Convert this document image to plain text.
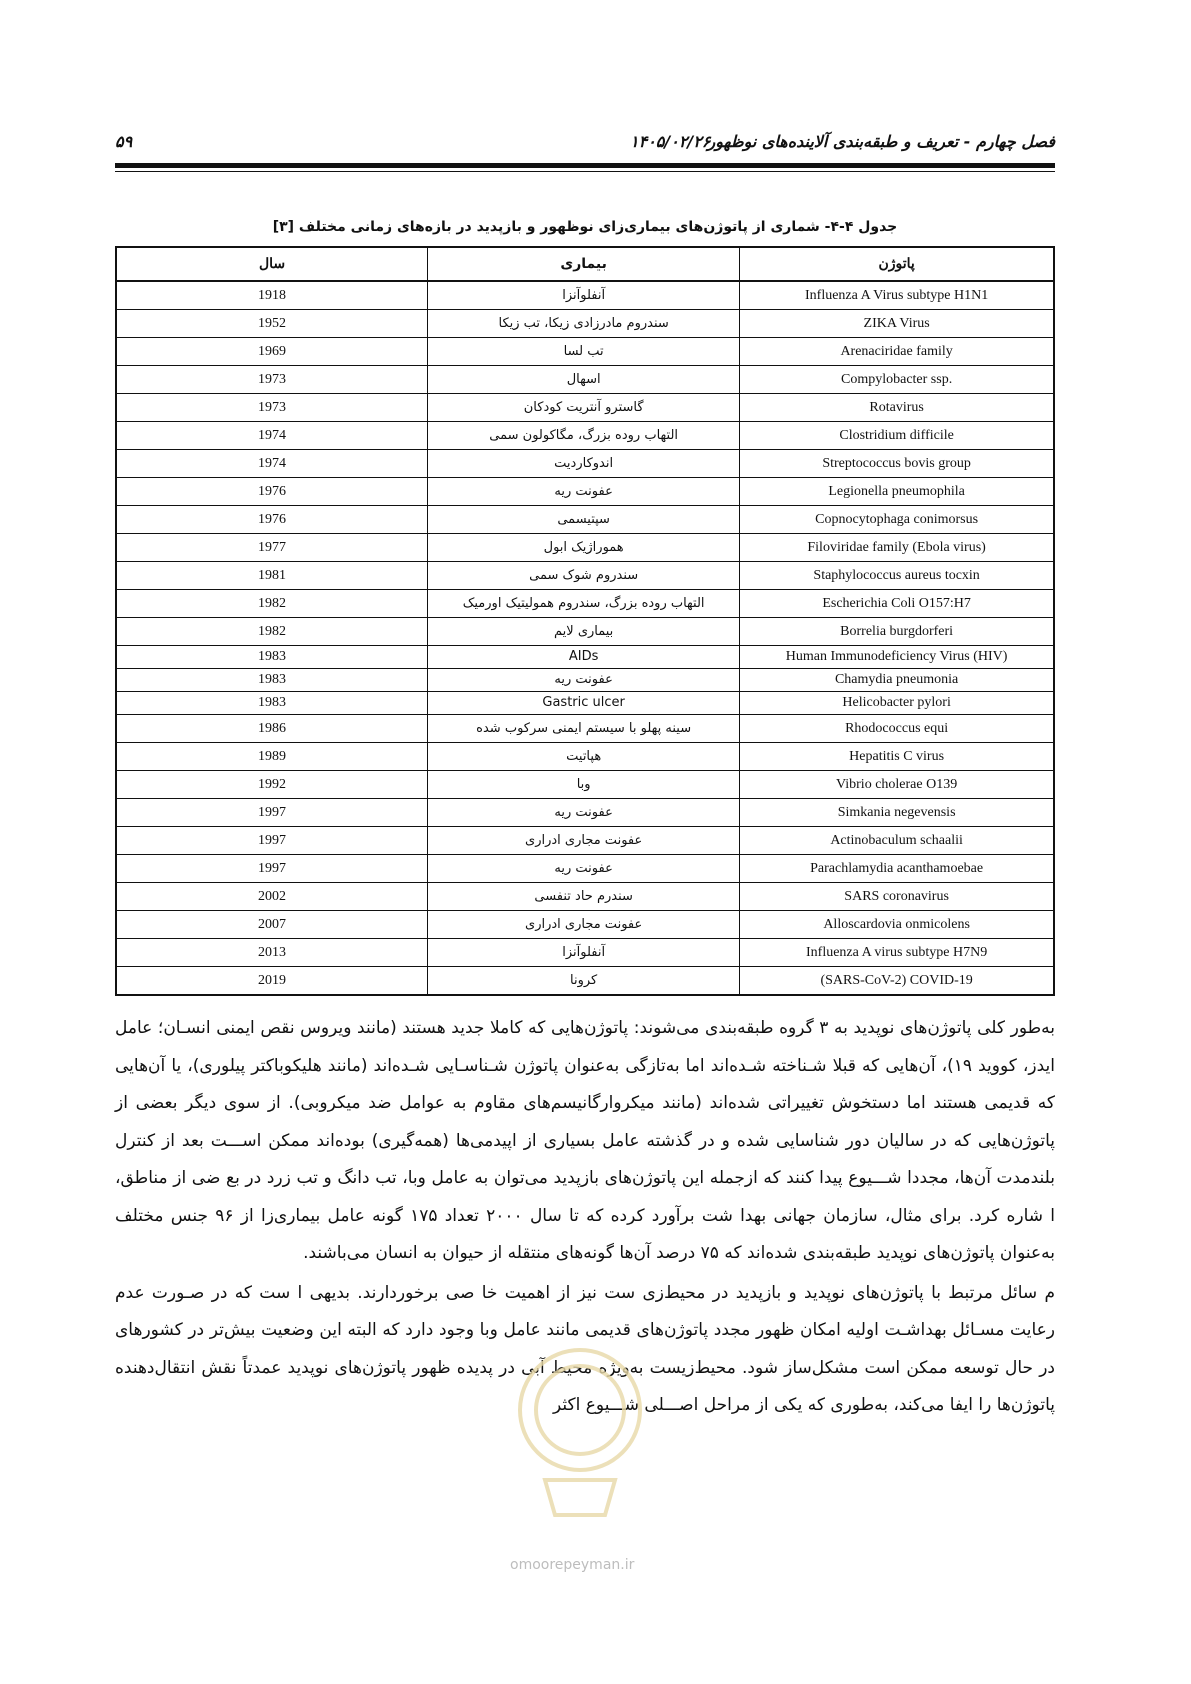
فصل چهارم - تعریف و طبقه‌بندی آلاینده‌های نوظهور
۱۴۰۵/۰۲/۲۶
۵۹
جدول ۴-۴- شماری از پاتوژن‌های بیماری‌زای نوظهور و بازپدید در بازه‌های زمانی مختلف [۳]
پاتوژن	بیماری	سال
Influenza A Virus subtype H1N1	آنفلوآنزا	1918
ZIKA Virus	سندروم مادرزادی زیکا، تب زیکا	1952
Arenaciridae family	تب لسا	1969
Compylobacter ssp.	اسهال	1973
Rotavirus	گاسترو آنتریت کودکان	1973
Clostridium difficile	التهاب روده بزرگ، مگاکولون سمی	1974
Streptococcus bovis group	اندوکاردیت	1974
Legionella pneumophila	عفونت ریه	1976
Copnocytophaga conimorsus	سپتیسمی	1976
Filoviridae family (Ebola virus)	هموراژیک ابول	1977
Staphylococcus aureus tocxin	سندروم شوک سمی	1981
Escherichia Coli O157:H7	التهاب روده بزرگ، سندروم همولیتیک اورمیک	1982
Borrelia burgdorferi	بیماری لایم	1982
Human Immunodeficiency Virus (HIV)	AIDs	1983
Chamydia pneumonia	عفونت ریه	1983
Helicobacter pylori	Gastric ulcer	1983
Rhodococcus equi	سینه پهلو با سیستم ایمنی سرکوب شده	1986
Hepatitis C virus	هپاتیت	1989
Vibrio cholerae O139	وبا	1992
Simkania negevensis	عفونت ریه	1997
Actinobaculum schaalii	عفونت مجاری ادراری	1997
Parachlamydia acanthamoebae	عفونت ریه	1997
SARS coronavirus	سندرم حاد تنفسی	2002
Alloscardovia onmicolens	عفونت مجاری ادراری	2007
Influenza A virus subtype H7N9	آنفلوآنزا	2013
(SARS-CoV-2) COVID-19	کرونا	2019

به‌طور کلی پاتوژن‌های نوپدید به ۳ گروه طبقه‌بندی می‌شوند: پاتوژن‌هایی که کاملا جدید هستند (مانند ویروس نقص ایمنی انسـان؛ عامل ایدز، کووید ۱۹)، آن‌هایی که قبلا شـناخته شـده‌اند اما به‌تازگی به‌عنوان پاتوژن شـناسـایی شـده‌اند (مانند هلیکوباکتر پیلوری)، یا آن‌هایی که قدیمی هستند اما دستخوش تغییراتی شده‌اند (مانند میکروارگانیسم‌های مقاوم به عوامل ضد میکروبی). از سوی دیگر بعضی از پاتوژن‌هایی که در سالیان دور شناسایی شده و در گذشته عامل بسیاری از اپیدمی‌ها (همه‌گیری) بوده‌اند ممکن اســـت بعد از کنترل بلندمدت آن‌ها، مجددا شـــیوع پیدا کنند که ازجمله این پاتوژن‌های بازپدید می‌توان به عامل وبا، تب دانگ و تب زرد در بع ضی از مناطق، ا شاره کرد. برای مثال، سازمان جهانی بهدا شت برآورد کرده که تا سال ۲۰۰۰ تعداد ۱۷۵ گونه عامل بیماری‌زا از ۹۶ جنس مختلف به‌عنوان پاتوژن‌های نوپدید طبقه‌بندی شده‌اند که ۷۵ درصد آن‌ها گونه‌های منتقله از حیوان به انسان می‌باشند.

م سائل مرتبط با پاتوژن‌های نوپدید و بازپدید در محیط‌زی ست نیز از اهمیت خا صی برخوردارند. بدیهی ا ست که در صـورت عدم رعایت مسـائل بهداشـت اولیه امکان ظهور مجدد پاتوژن‌های قدیمی مانند عامل وبا وجود دارد که البته این وضعیت بیش‌تر در کشورهای در حال توسعه ممکن است مشکل‌ساز شود. محیط‌زیست به‌ویژه محیط آبی در پدیده ظهور پاتوژن‌های نوپدید عمدتاً نقش انتقال‌دهنده پاتوژن‌ها را ایفا می‌کند، به‌طوری که یکی از مراحل اصـــلی شـــیوع اکثر

omoorepeyman.ir
